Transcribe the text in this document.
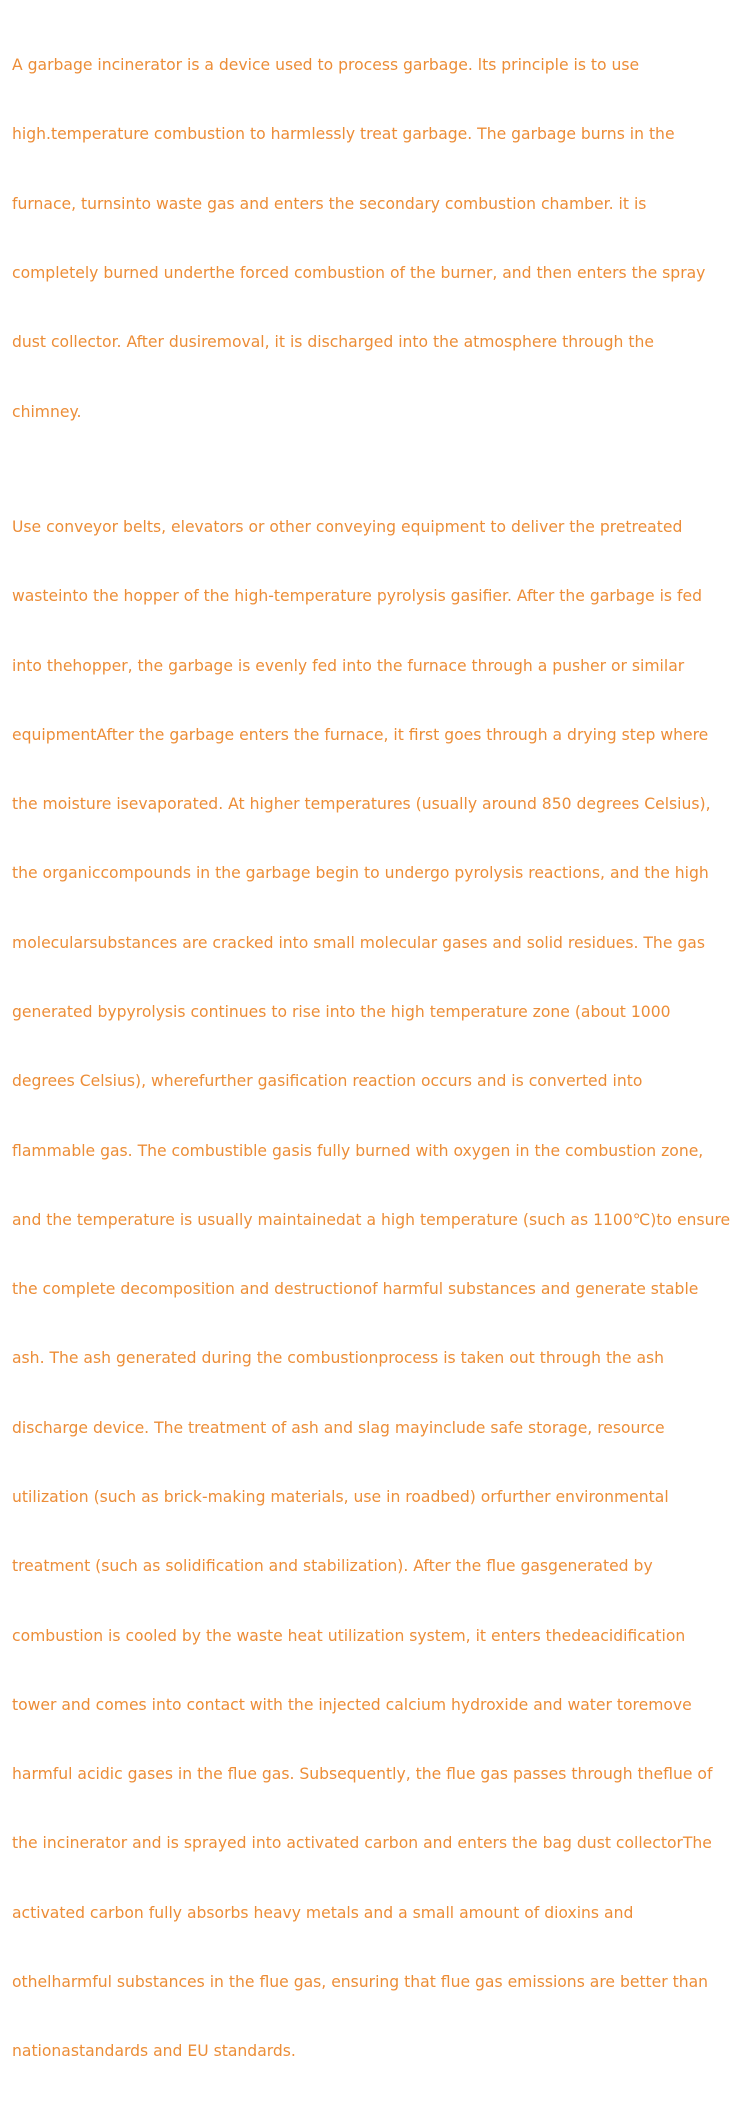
A garbage incinerator is a device used to process garbage. lts principle is to use

high.temperature combustion to harmlessly treat garbage. The garbage burns in the

furnace, turnsinto waste gas and enters the secondary combustion chamber. it is

completely burned underthe forced combustion of the burner, and then enters the spray

dust collector. After dusiremoval, it is discharged into the atmosphere through the

chimney.

Use conveyor belts, elevators or other conveying equipment to deliver the pretreated

wasteinto the hopper of the high-temperature pyrolysis gasifier. After the garbage is fed

into thehopper, the garbage is evenly fed into the furnace through a pusher or similar

equipmentAfter the garbage enters the furnace, it first goes through a drying step where

the moisture isevaporated. At higher temperatures (usually around 850 degrees Celsius),

the organiccompounds in the garbage begin to undergo pyrolysis reactions, and the high

molecularsubstances are cracked into small molecular gases and solid residues. The gas

generated bypyrolysis continues to rise into the high temperature zone (about 1000

degrees Celsius), wherefurther gasification reaction occurs and is converted into

flammable gas. The combustible gasis fully burned with oxygen in the combustion zone,

and the temperature is usually maintainedat a high temperature (such as 1100℃)to ensure

the complete decomposition and destructionof harmful substances and generate stable

ash. The ash generated during the combustionprocess is taken out through the ash

discharge device. The treatment of ash and slag mayinclude safe storage, resource

utilization (such as brick-making materials, use in roadbed) orfurther environmental

treatment (such as solidification and stabilization). After the flue gasgenerated by

combustion is cooled by the waste heat utilization system, it enters thedeacidification

tower and comes into contact with the injected calcium hydroxide and water toremove

harmful acidic gases in the flue gas. Subsequently, the flue gas passes through theflue of

the incinerator and is sprayed into activated carbon and enters the bag dust collectorThe

activated carbon fully absorbs heavy metals and a small amount of dioxins and

othelharmful substances in the flue gas, ensuring that flue gas emissions are better than

nationastandards and EU standards.
